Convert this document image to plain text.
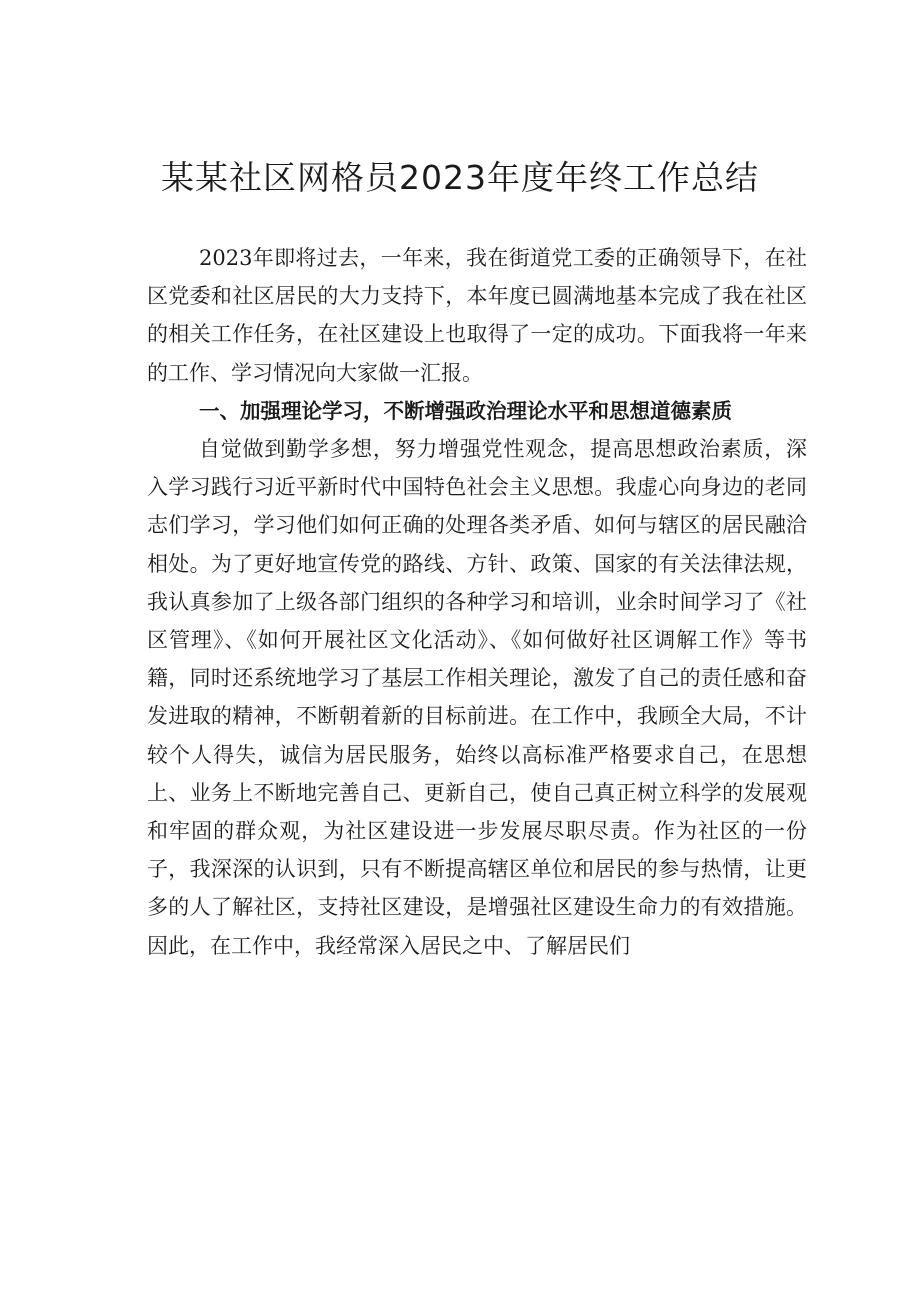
某某社区网格员2023年度年终工作总结

2023年即将过去，一年来，我在街道党工委的正确领导下，在社区党委和社区居民的大力支持下，本年度已圆满地基本完成了我在社区的相关工作任务，在社区建设上也取得了一定的成功。下面我将一年来的工作、学习情况向大家做一汇报。

一、加强理论学习，不断增强政治理论水平和思想道德素质

自觉做到勤学多想，努力增强党性观念，提高思想政治素质，深入学习践行习近平新时代中国特色社会主义思想。我虚心向身边的老同志们学习，学习他们如何正确的处理各类矛盾、如何与辖区的居民融洽相处。为了更好地宣传党的路线、方针、政策、国家的有关法律法规，我认真参加了上级各部门组织的各种学习和培训，业余时间学习了《社区管理》、《如何开展社区文化活动》、《如何做好社区调解工作》等书籍，同时还系统地学习了基层工作相关理论，激发了自己的责任感和奋发进取的精神，不断朝着新的目标前进。在工作中，我顾全大局，不计较个人得失，诚信为居民服务，始终以高标准严格要求自己，在思想上、业务上不断地完善自己、更新自己，使自己真正树立科学的发展观和牢固的群众观，为社区建设进一步发展尽职尽责。作为社区的一份子，我深深的认识到，只有不断提高辖区单位和居民的参与热情，让更多的人了解社区，支持社区建设，是增强社区建设生命力的有效措施。因此，在工作中，我经常深入居民之中、了解居民们
